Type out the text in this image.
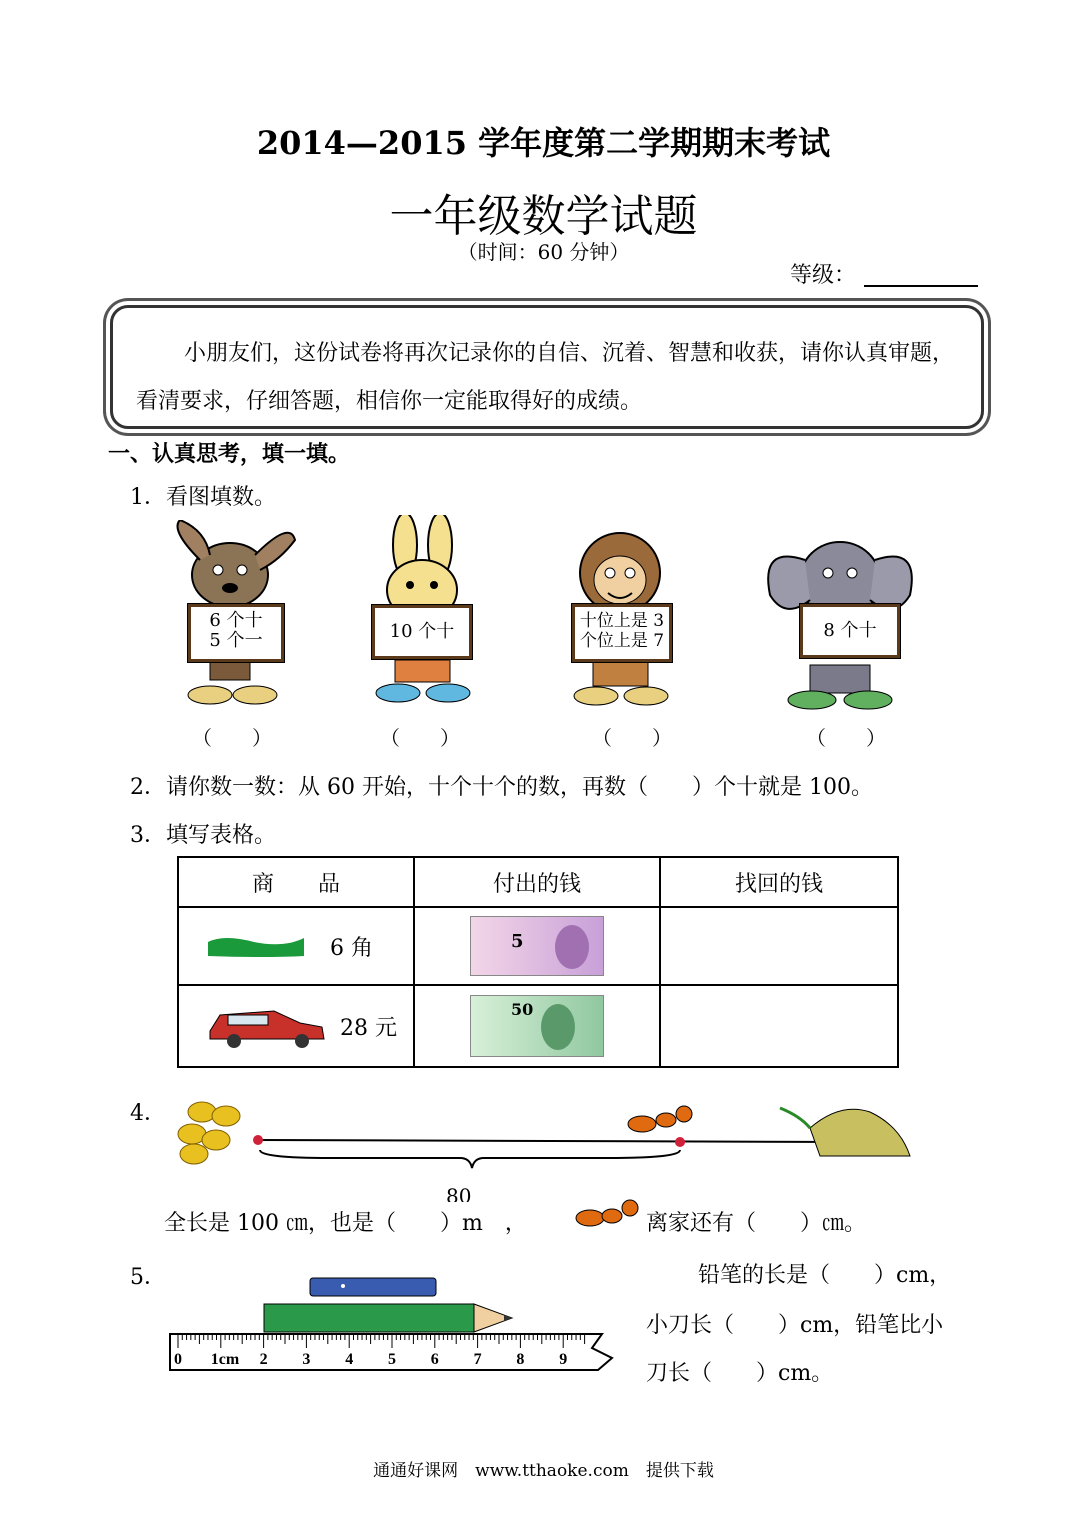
2014—2015 学年度第二学期期末考试
一年级数学试题
（时间：60 分钟）
等级：
小朋友们，这份试卷将再次记录你的自信、沉着、智慧和收获，请你认真审题，看清要求，仔细答题，相信你一定能取得好的成绩。
一、认真思考，填一填。
1．看图填数。
6 个十
5 个一	10 个十	十位上是 3
个位上是 7	8 个十
（　　）	（　　）	（　　）	（　　）
2．请你数一数：从 60 开始，十个十个的数，再数（　　）个十就是 100。
3．填写表格。
商　　品	付出的钱	找回的钱

6 角	5	

28 元	50	

4．
80
全长是 100 ㎝，也是（　　）m　，	离家还有（　　）㎝。
5．
0 1cm 2 3 4 5 6 7 8 9
铅笔的长是（　　）cm，
小刀长（　　）cm，铅笔比小
刀长（　　）cm。
通通好课网　www.tthaoke.com　提供下载
